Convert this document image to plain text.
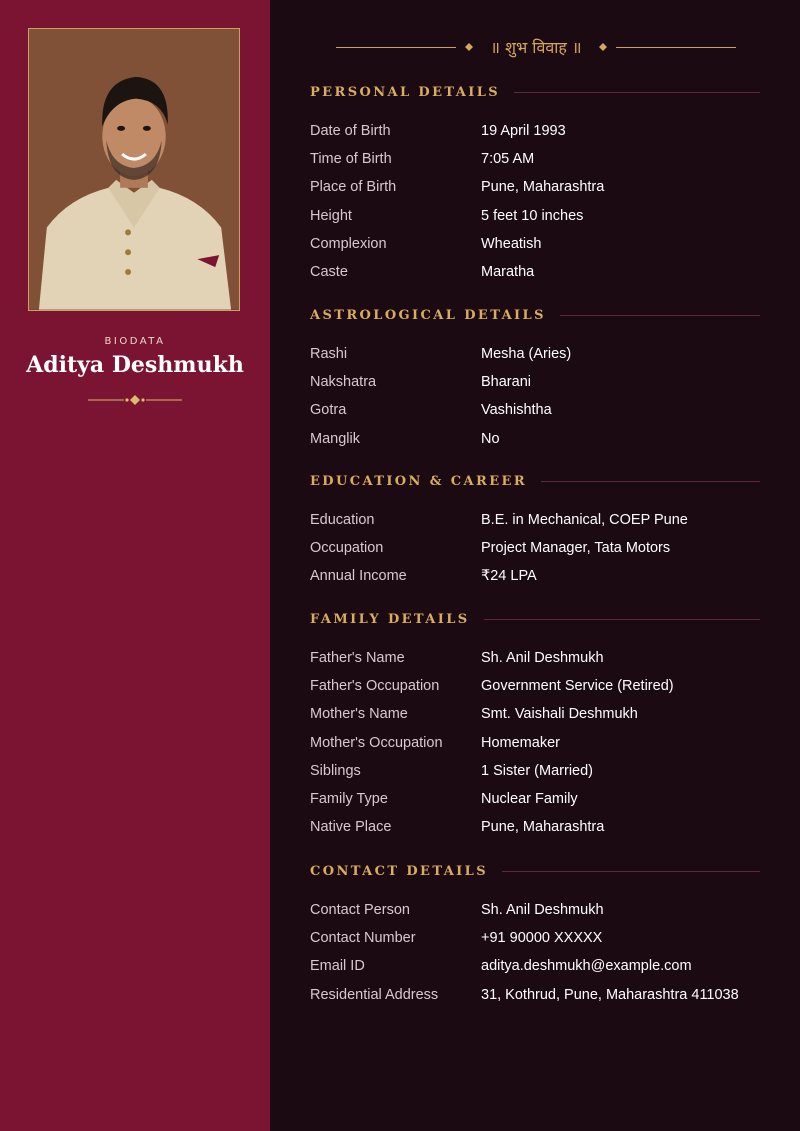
BIODATA
Aditya Deshmukh
॥ शुभ विवाह ॥
PERSONAL DETAILS
Date of Birth	19 April 1993
Time of Birth	7:05 AM
Place of Birth	Pune, Maharashtra
Height	5 feet 10 inches
Complexion	Wheatish
Caste	Maratha
ASTROLOGICAL DETAILS
Rashi	Mesha (Aries)
Nakshatra	Bharani
Gotra	Vashishtha
Manglik	No
EDUCATION & CAREER
Education	B.E. in Mechanical, COEP Pune
Occupation	Project Manager, Tata Motors
Annual Income	₹24 LPA
FAMILY DETAILS
Father's Name	Sh. Anil Deshmukh
Father's Occupation	Government Service (Retired)
Mother's Name	Smt. Vaishali Deshmukh
Mother's Occupation	Homemaker
Siblings	1 Sister (Married)
Family Type	Nuclear Family
Native Place	Pune, Maharashtra
CONTACT DETAILS
Contact Person	Sh. Anil Deshmukh
Contact Number	+91 90000 XXXXX
Email ID	aditya.deshmukh@example.com
Residential Address	31, Kothrud, Pune, Maharashtra 411038
